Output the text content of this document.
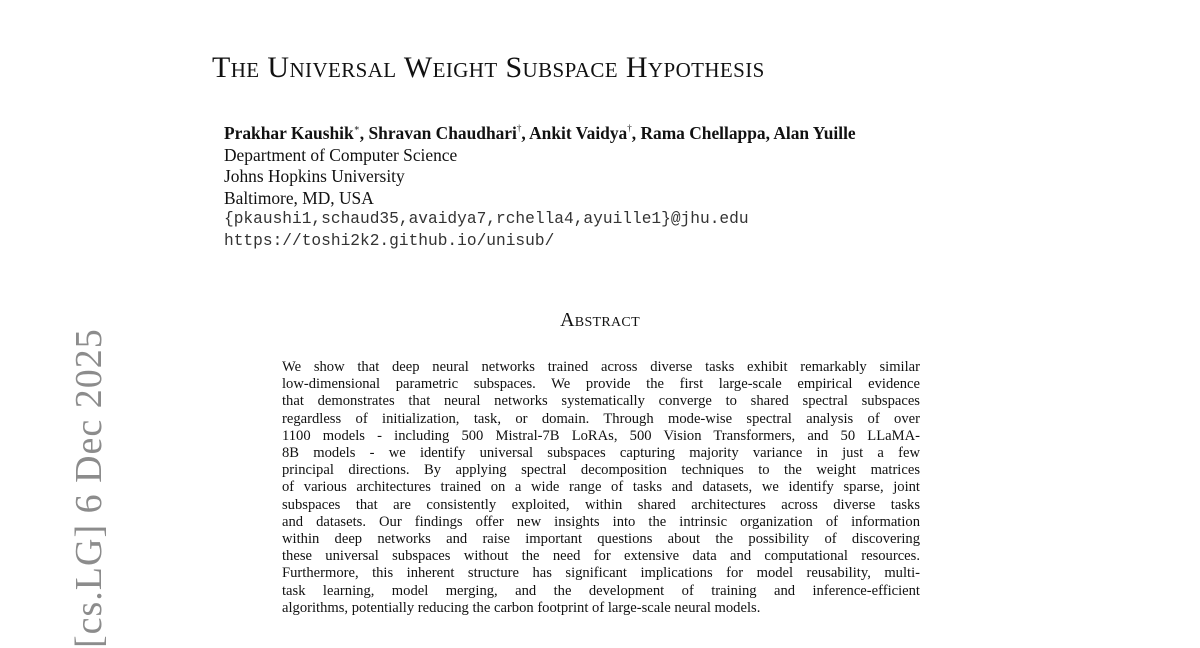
[cs.LG] 6 Dec 2025
The Universal Weight Subspace Hypothesis
Prakhar Kaushik∗, Shravan Chaudhari†, Ankit Vaidya†, Rama Chellappa, Alan Yuille
Department of Computer Science
Johns Hopkins University
Baltimore, MD, USA
{pkaushi1,schaud35,avaidya7,rchella4,ayuille1}@jhu.edu
https://toshi2k2.github.io/unisub/
Abstract
We show that deep neural networks trained across diverse tasks exhibit remarkably similar
low-dimensional parametric subspaces. We provide the first large-scale empirical evidence
that demonstrates that neural networks systematically converge to shared spectral subspaces
regardless of initialization, task, or domain. Through mode-wise spectral analysis of over
1100 models - including 500 Mistral-7B LoRAs, 500 Vision Transformers, and 50 LLaMA-
8B models - we identify universal subspaces capturing majority variance in just a few
principal directions. By applying spectral decomposition techniques to the weight matrices
of various architectures trained on a wide range of tasks and datasets, we identify sparse, joint
subspaces that are consistently exploited, within shared architectures across diverse tasks
and datasets. Our findings offer new insights into the intrinsic organization of information
within deep networks and raise important questions about the possibility of discovering
these universal subspaces without the need for extensive data and computational resources.
Furthermore, this inherent structure has significant implications for model reusability, multi-
task learning, model merging, and the development of training and inference-efficient
algorithms, potentially reducing the carbon footprint of large-scale neural models.
